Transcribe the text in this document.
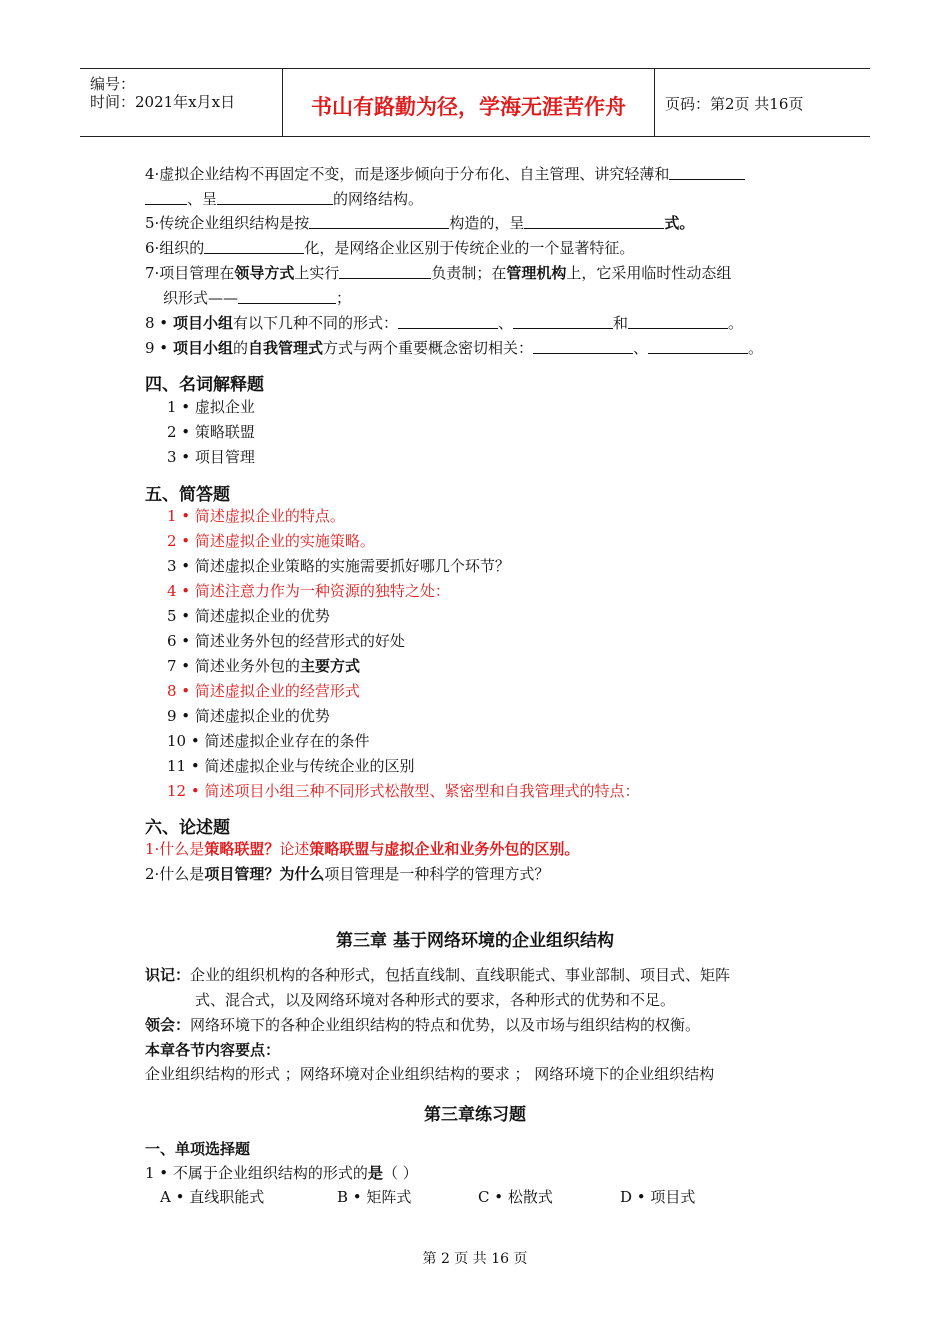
编号：
时间：2021年x月x日	书山有路勤为径，学海无涯苦作舟	页码：第2页 共16页
4·虚拟企业结构不再固定不变，而是逐步倾向于分布化、自主管理、讲究轻薄和
、呈	的网络结构。
5·传统企业组织结构是按	构造的，呈	式。
6·组织的	化，是网络企业区别于传统企业的一个显著特征。
7·项目管理在领导方式上实行	负责制；在管理机构上，它采用临时性动态组
织形式——	；
8 • 项目小组有以下几种不同的形式：	、	和	。
9 • 项目小组的自我管理式方式与两个重要概念密切相关：	、	。
四、名词解释题
1 • 虚拟企业
2 • 策略联盟
3 • 项目管理
五、简答题
1 • 简述虚拟企业的特点。
2 • 简述虚拟企业的实施策略。
3 • 简述虚拟企业策略的实施需要抓好哪几个环节？
4 • 简述注意力作为一种资源的独特之处：
5 • 简述虚拟企业的优势
6 • 简述业务外包的经营形式的好处
7 • 简述业务外包的主要方式
8 • 简述虚拟企业的经营形式
9 • 简述虚拟企业的优势
10 • 简述虚拟企业存在的条件
11 • 简述虚拟企业与传统企业的区别
12 • 简述项目小组三种不同形式松散型、紧密型和自我管理式的特点：
六、论述题
1·什么是策略联盟？论述策略联盟与虚拟企业和业务外包的区别。
2·什么是项目管理？为什么项目管理是一种科学的管理方式？
第三章 基于网络环境的企业组织结构
识记：企业的组织机构的各种形式，包括直线制、直线职能式、事业部制、项目式、矩阵
式、混合式，以及网络环境对各种形式的要求，各种形式的优势和不足。
领会：网络环境下的各种企业组织结构的特点和优势，以及市场与组织结构的权衡。
本章各节内容要点：
企业组织结构的形式 ；网络环境对企业组织结构的要求 ； 网络环境下的企业组织结构
第三章练习题
一、单项选择题
1 • 不属于企业组织结构的形式的是（ ）
A • 直线职能式	B • 矩阵式	C • 松散式	D • 项目式
第 2 页 共 16 页
